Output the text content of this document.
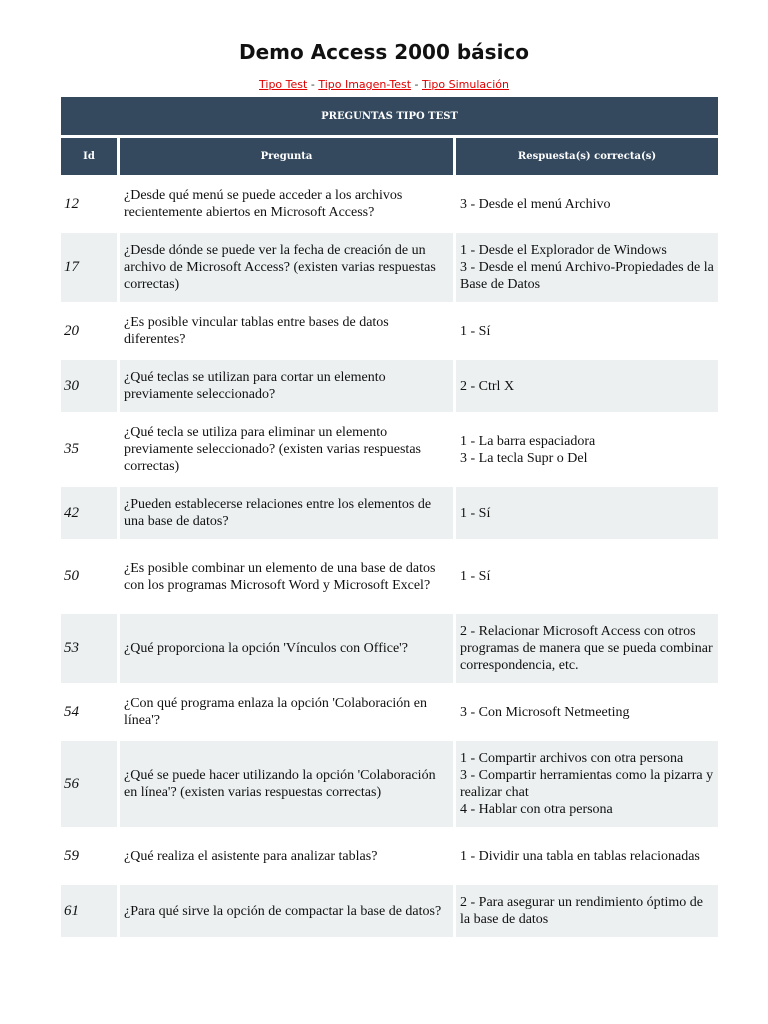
Demo Access 2000 básico
Tipo Test - Tipo Imagen-Test - Tipo Simulación
PREGUNTAS TIPO TEST		
Id	Pregunta	Respuesta(s) correcta(s)
12	¿Desde qué menú se puede acceder a los archivos recientemente abiertos en Microsoft Access?	3 - Desde el menú Archivo

17	¿Desde dónde se puede ver la fecha de creación de un archivo de Microsoft Access? (existen varias respuestas correctas)	1 - Desde el Explorador de Windows
3 - Desde el menú Archivo-Propiedades de la Base de Datos

20	¿Es posible vincular tablas entre bases de datos diferentes?	1 - Sí

30	¿Qué teclas se utilizan para cortar un elemento previamente seleccionado?	2 - Ctrl X

35	¿Qué tecla se utiliza para eliminar un elemento previamente seleccionado? (existen varias respuestas correctas)	1 - La barra espaciadora
3 - La tecla Supr o Del

42	¿Pueden establecerse relaciones entre los elementos de una base de datos?	1 - Sí

50	¿Es posible combinar un elemento de una base de datos con los programas Microsoft Word y Microsoft Excel?	1 - Sí

53	¿Qué proporciona la opción 'Vínculos con Office'?	2 - Relacionar Microsoft Access con otros programas de manera que se pueda combinar correspondencia, etc.

54	¿Con qué programa enlaza la opción 'Colaboración en línea'?	3 - Con Microsoft Netmeeting

56	¿Qué se puede hacer utilizando la opción 'Colaboración en línea'? (existen varias respuestas correctas)	1 - Compartir archivos con otra persona
3 - Compartir herramientas como la pizarra y realizar chat
4 - Hablar con otra persona

59	¿Qué realiza el asistente para analizar tablas?	1 - Dividir una tabla en tablas relacionadas

61	¿Para qué sirve la opción de compactar la base de datos?	2 - Para asegurar un rendimiento óptimo de la base de datos
